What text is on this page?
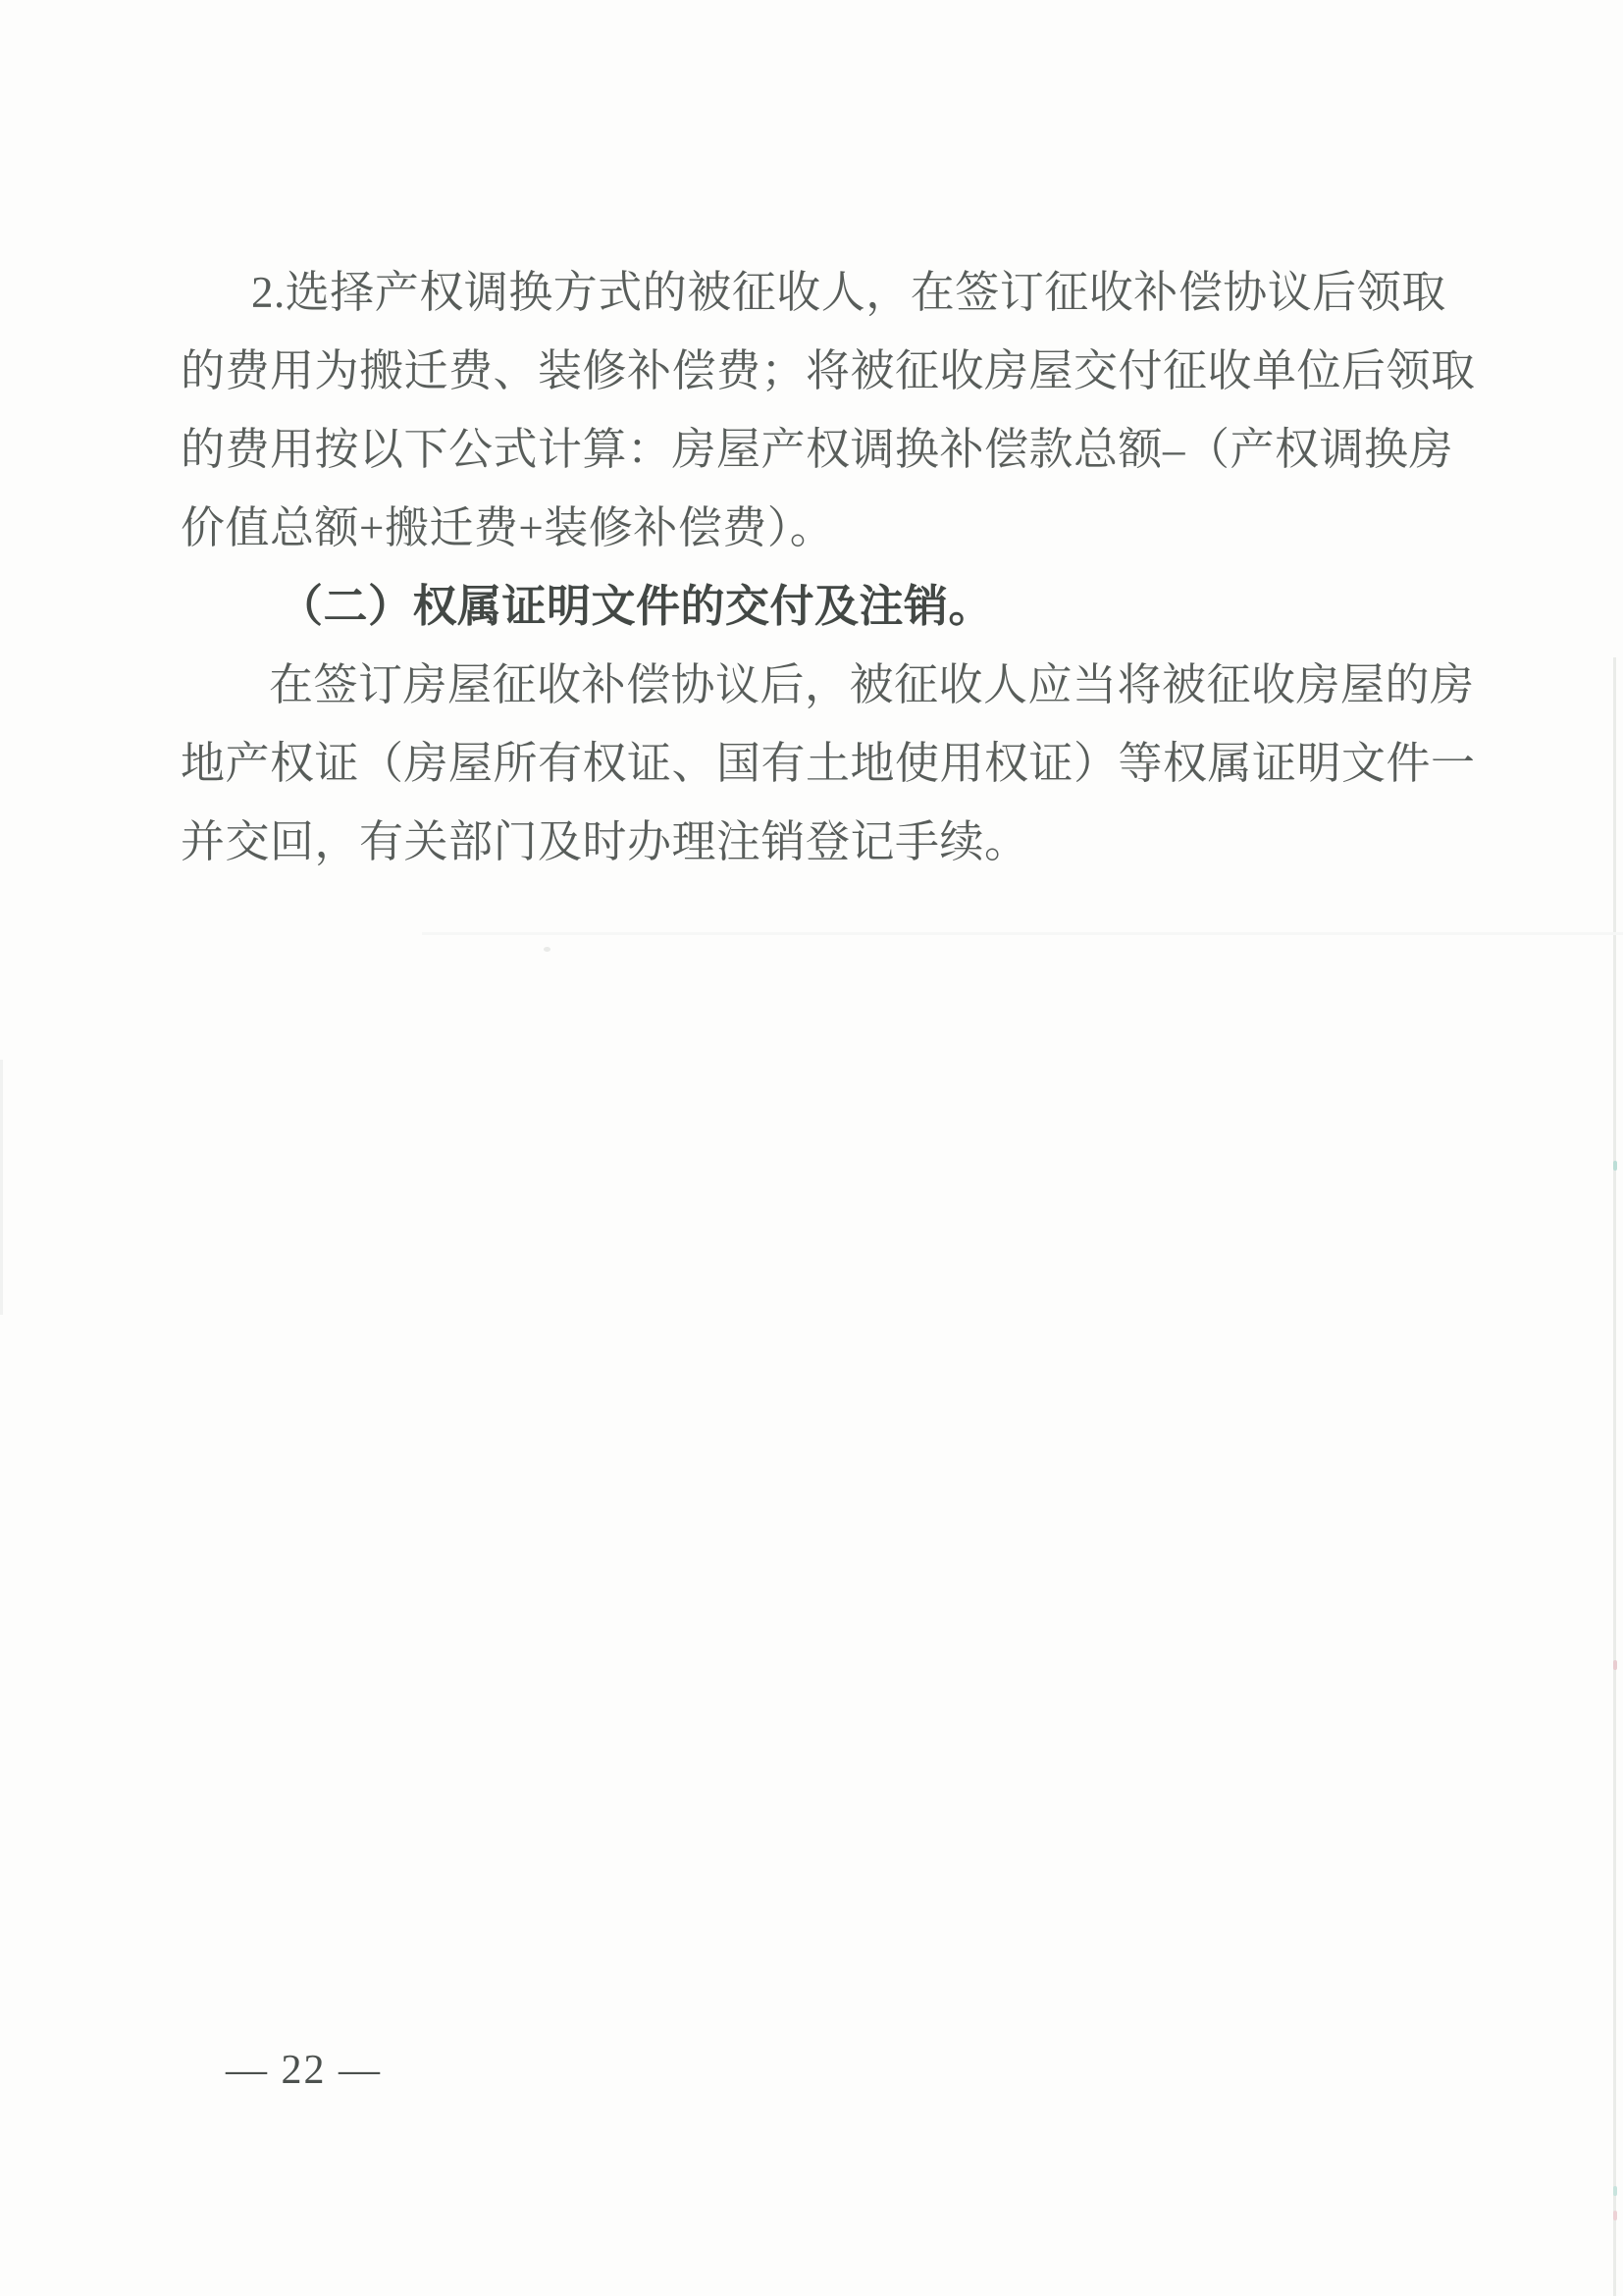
2.选择产权调换方式的被征收人，在签订征收补偿协议后领取

的费用为搬迁费、装修补偿费；将被征收房屋交付征收单位后领取

的费用按以下公式计算：房屋产权调换补偿款总额–（产权调换房

价值总额+搬迁费+装修补偿费）。

（二）权属证明文件的交付及注销。

在签订房屋征收补偿协议后，被征收人应当将被征收房屋的房

地产权证（房屋所有权证、国有土地使用权证）等权属证明文件一

并交回，有关部门及时办理注销登记手续。

— 22 —
